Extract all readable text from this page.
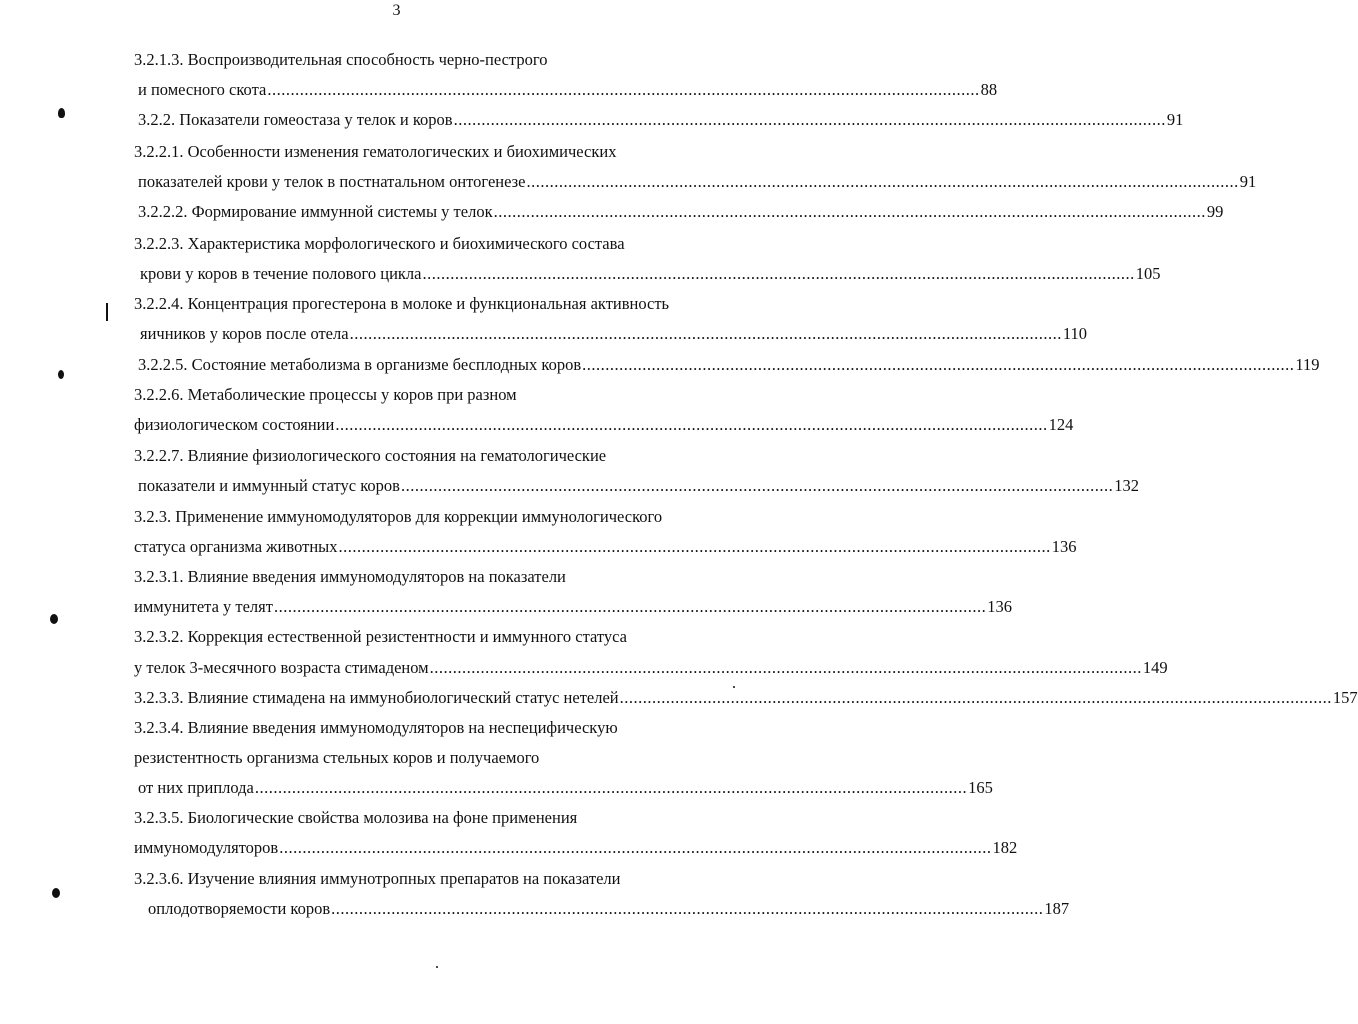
3
3.2.1.3. Воспроизводительная способность черно-пестрого
и помесного скота .......................................................................................................................................................... 88
3.2.2. Показатели гомеостаза у телок и коров .......................................................................................................................................................... 91
3.2.2.1. Особенности изменения гематологических и биохимических
показателей крови у телок в постнатальном онтогенезе .......................................................................................................................................................... 91
3.2.2.2. Формирование иммунной системы у телок .......................................................................................................................................................... 99
3.2.2.3. Характеристика морфологического и биохимического состава
крови у коров в течение полового цикла .......................................................................................................................................................... 105
3.2.2.4. Концентрация прогестерона в молоке и функциональная активность
яичников у коров после отела .......................................................................................................................................................... 110
3.2.2.5. Состояние метаболизма в организме бесплодных коров .......................................................................................................................................................... 119
3.2.2.6. Метаболические процессы у коров при разном
физиологическом состоянии .......................................................................................................................................................... 124
3.2.2.7. Влияние физиологического состояния на гематологические
показатели и иммунный статус коров .......................................................................................................................................................... 132
3.2.3. Применение иммуномодуляторов для коррекции иммунологического
статуса организма животных .......................................................................................................................................................... 136
3.2.3.1. Влияние введения иммуномодуляторов на показатели
иммунитета у телят .......................................................................................................................................................... 136
3.2.3.2. Коррекция естественной резистентности и иммунного статуса
у телок 3-месячного возраста стимаденом .......................................................................................................................................................... 149
3.2.3.3. Влияние стимадена на иммунобиологический статус нетелей .......................................................................................................................................................... 157
3.2.3.4. Влияние введения иммуномодуляторов на неспецифическую
резистентность организма стельных коров и получаемого
от них приплода .......................................................................................................................................................... 165
3.2.3.5. Биологические свойства молозива на фоне применения
иммуномодуляторов .......................................................................................................................................................... 182
3.2.3.6. Изучение влияния иммунотропных препаратов на показатели
оплодотворяемости коров .......................................................................................................................................................... 187
